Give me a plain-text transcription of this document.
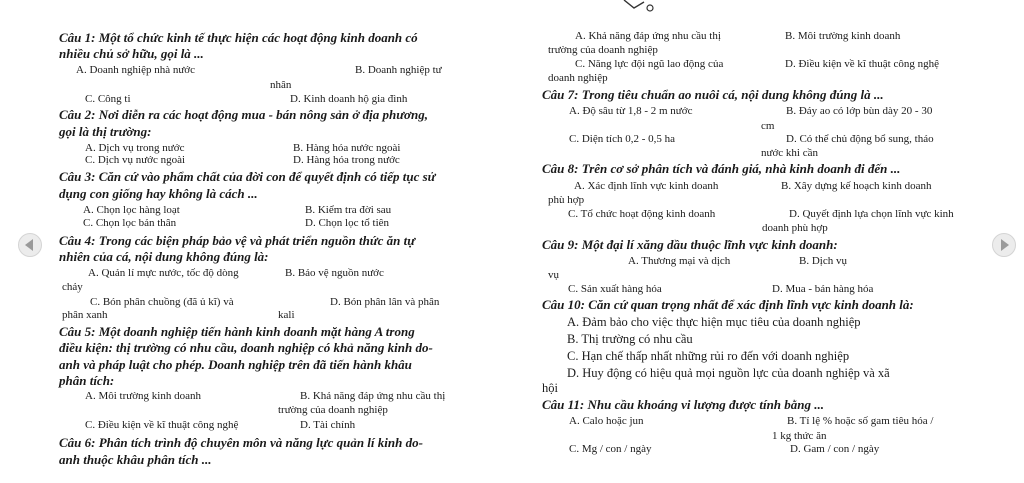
Câu 1: Một tổ chức kinh tế thực hiện các hoạt động kinh doanh có
nhiều chủ sở hữu, gọi là ...
A. Doanh nghiệp nhà nước	B. Doanh nghiệp tư
nhân
C. Công ti	D. Kinh doanh hộ gia đình
Câu 2: Nơi diễn ra các hoạt động mua - bán nông sản ở địa phương,
gọi là thị trường:
A. Dịch vụ trong nước	B. Hàng hóa nước ngoài
C. Dịch vụ nước ngoài	D. Hàng hóa trong nước
Câu 3: Căn cứ vào phẩm chất của đời con để quyết định có tiếp tục sử
dụng con giống hay không là cách ...
A. Chọn lọc hàng loạt	B. Kiểm tra đời sau
C. Chọn lọc bản thân	D. Chọn lọc tổ tiên
Câu 4: Trong các biện pháp bảo vệ và phát triển nguồn thức ăn tự
nhiên của cá, nội dung không đúng là:
A. Quản lí mực nước, tốc độ dòng	B. Bảo vệ nguồn nước
chảy
C. Bón phân chuồng (đã ủ kĩ) và	D. Bón phân lân và phân
phân xanh	kali
Câu 5: Một doanh nghiệp tiến hành kinh doanh mặt hàng A trong
điều kiện: thị trường có nhu cầu, doanh nghiệp có khả năng kinh do-
anh và pháp luật cho phép. Doanh nghiệp trên đã tiến hành khâu
phân tích:
A. Môi trường kinh doanh	B. Khả năng đáp ứng nhu cầu thị
trường của doanh nghiệp
C. Điều kiện về kĩ thuật công nghệ	D. Tài chính
Câu 6: Phân tích trình độ chuyên môn và năng lực quản lí kinh do-
anh thuộc khâu phân tích ...
A. Khả năng đáp ứng nhu cầu thị	B. Môi trường kinh doanh
trường của doanh nghiệp
C. Năng lực đội ngũ lao động của	D. Điều kiện về kĩ thuật công nghệ
doanh nghiệp
Câu 7: Trong tiêu chuẩn ao nuôi cá, nội dung không đúng là ...
A. Độ sâu từ 1,8 - 2 m nước	B. Đáy ao có lớp bùn dày 20 - 30
cm
C. Diện tích 0,2 - 0,5 ha	D. Có thể chủ động bổ sung, tháo
nước khi cần
Câu 8: Trên cơ sở phân tích và đánh giá, nhà kinh doanh đi đến ...
A. Xác định lĩnh vực kinh doanh	B. Xây dựng kế hoạch kinh doanh
phù hợp
C. Tổ chức hoạt động kinh doanh	D. Quyết định lựa chọn lĩnh vực kinh
doanh phù hợp
Câu 9: Một đại lí xăng dầu thuộc lĩnh vực kinh doanh:
A. Thương mại và dịch	B. Dịch vụ
vụ
C. Sản xuất hàng hóa	D. Mua - bán hàng hóa
Câu 10: Căn cứ quan trọng nhất để xác định lĩnh vực kinh doanh là:
A. Đảm bảo cho việc thực hiện mục tiêu của doanh nghiệp
B. Thị trường có nhu cầu
C. Hạn chế thấp nhất những rủi ro đến với doanh nghiệp
D. Huy động có hiệu quả mọi nguồn lực của doanh nghiệp và xã
hội
Câu 11: Nhu cầu khoáng vi lượng được tính bằng ...
A. Calo hoặc jun	B. Tỉ lệ % hoặc số gam tiêu hóa /
1 kg thức ăn
C. Mg / con / ngày	D. Gam / con / ngày
